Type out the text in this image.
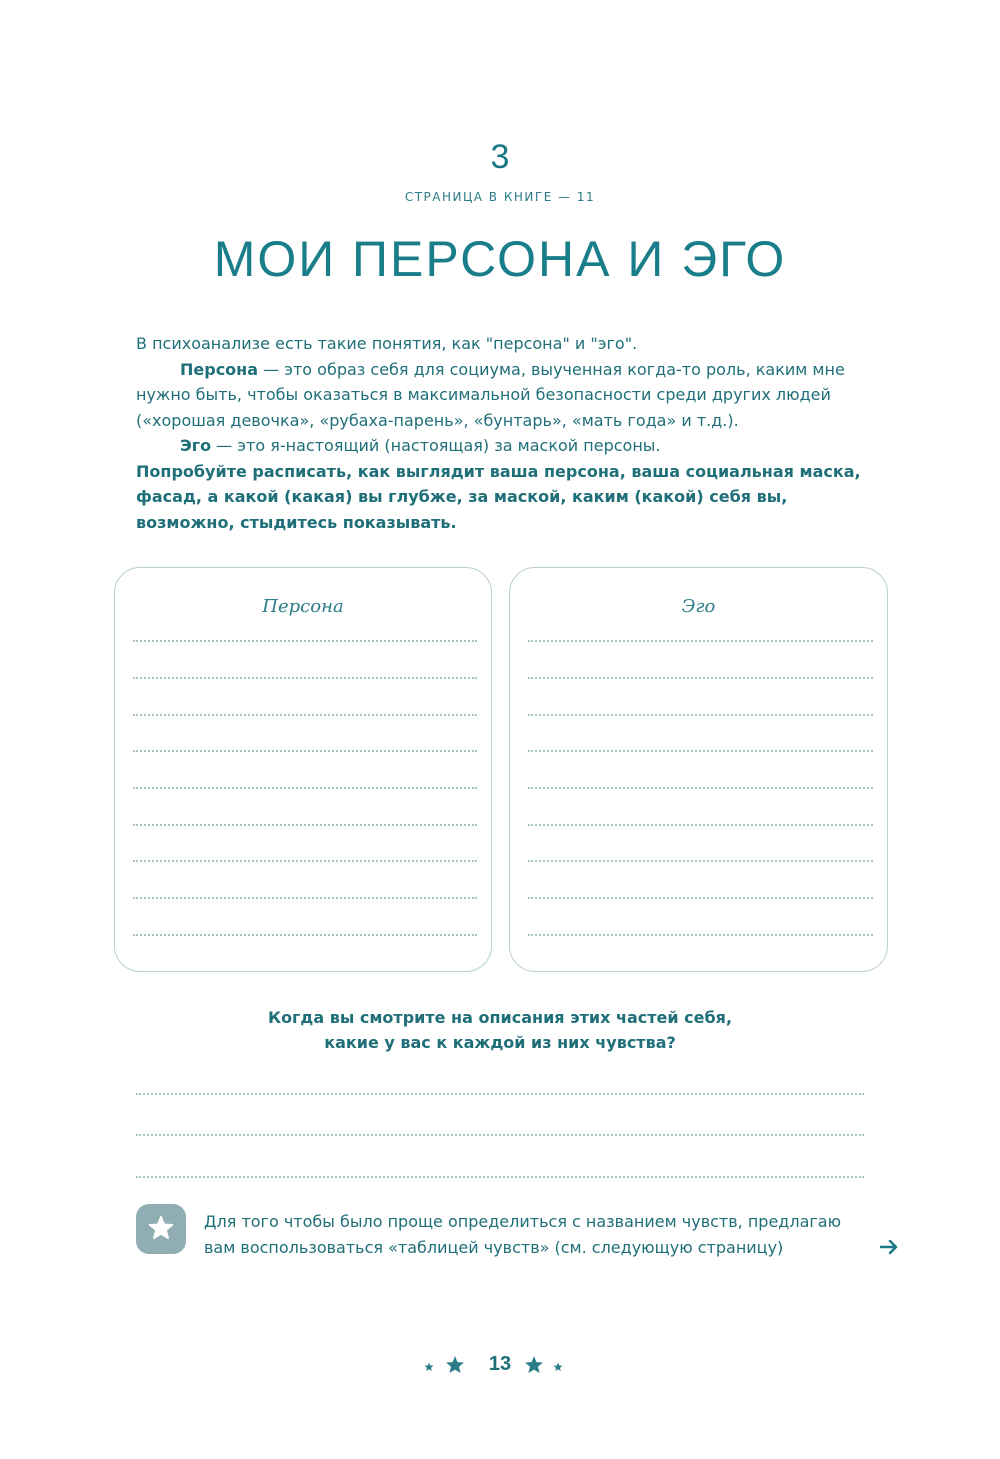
3
СТРАНИЦА В КНИГЕ — 11
МОИ ПЕРСОНА И ЭГО

В психоанализе есть такие понятия, как "персона" и "эго".

Персона — это образ себя для социума, выученная когда-то роль, каким мне нужно быть, чтобы оказаться в максимальной безопасности среди других людей («хорошая девочка», «рубаха-парень», «бунтарь», «мать года» и т.д.).

Эго — это я-настоящий (настоящая) за маской персоны.

Попробуйте расписать, как выглядит ваша персона, ваша социальная маска, фасад, а какой (какая) вы глубже, за маской, каким (какой) себя вы, возможно, стыдитесь показывать.

Персона	Эго
Когда вы смотрите на описания этих частей себя,
какие у вас к каждой из них чувства?
Для того чтобы было проще определиться с названием чувств, предлагаю вам воспользоваться «таблицей чувств» (см. следующую страницу)
13
